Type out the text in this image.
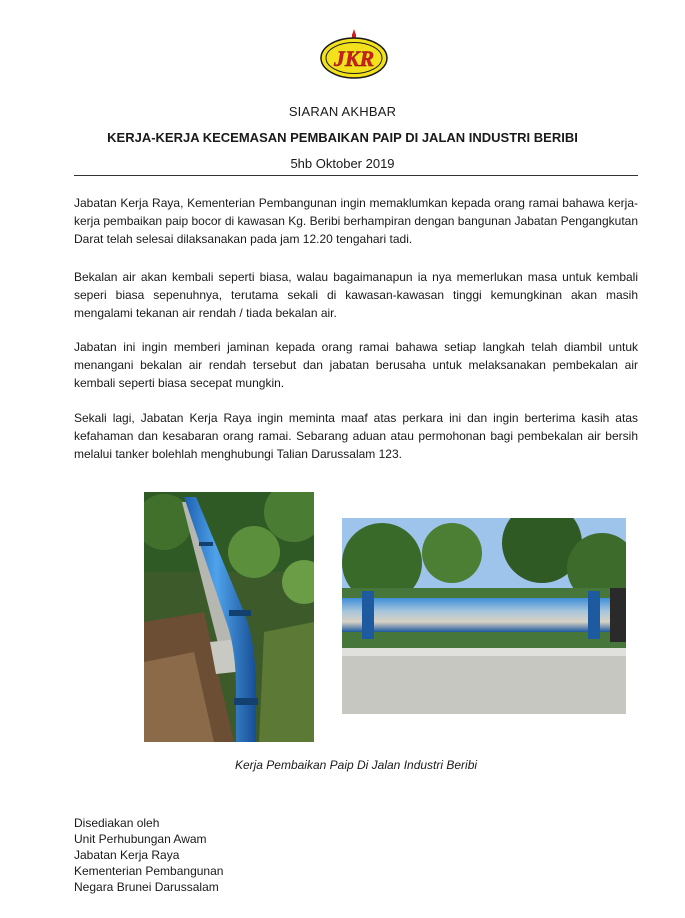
JKR
SIARAN AKHBAR
KERJA-KERJA KECEMASAN PEMBAIKAN PAIP DI JALAN INDUSTRI BERIBI
5hb Oktober 2019

Jabatan Kerja Raya, Kementerian Pembangunan ingin memaklumkan kepada orang ramai bahawa kerja-kerja pembaikan paip bocor di kawasan Kg. Beribi berhampiran dengan bangunan Jabatan Pengangkutan Darat telah selesai dilaksanakan pada jam 12.20 tengahari tadi.

Bekalan air akan kembali seperti biasa, walau bagaimanapun ia nya memerlukan masa untuk kembali seperi biasa sepenuhnya, terutama sekali di kawasan-kawasan tinggi kemungkinan akan masih mengalami tekanan air rendah / tiada bekalan air.

Jabatan ini ingin memberi jaminan kepada orang ramai bahawa setiap langkah telah diambil untuk menangani bekalan air rendah tersebut dan jabatan berusaha untuk melaksanakan pembekalan air kembali seperti biasa secepat mungkin.

Sekali lagi, Jabatan Kerja Raya ingin meminta maaf atas perkara ini dan ingin berterima kasih atas kefahaman dan kesabaran orang ramai. Sebarang aduan atau permohonan bagi pembekalan air bersih melalui tanker bolehlah menghubungi Talian Darussalam 123.

Kerja Pembaikan Paip Di Jalan Industri Beribi
Disediakan oleh
Unit Perhubungan Awam
Jabatan Kerja Raya
Kementerian Pembangunan
Negara Brunei Darussalam
